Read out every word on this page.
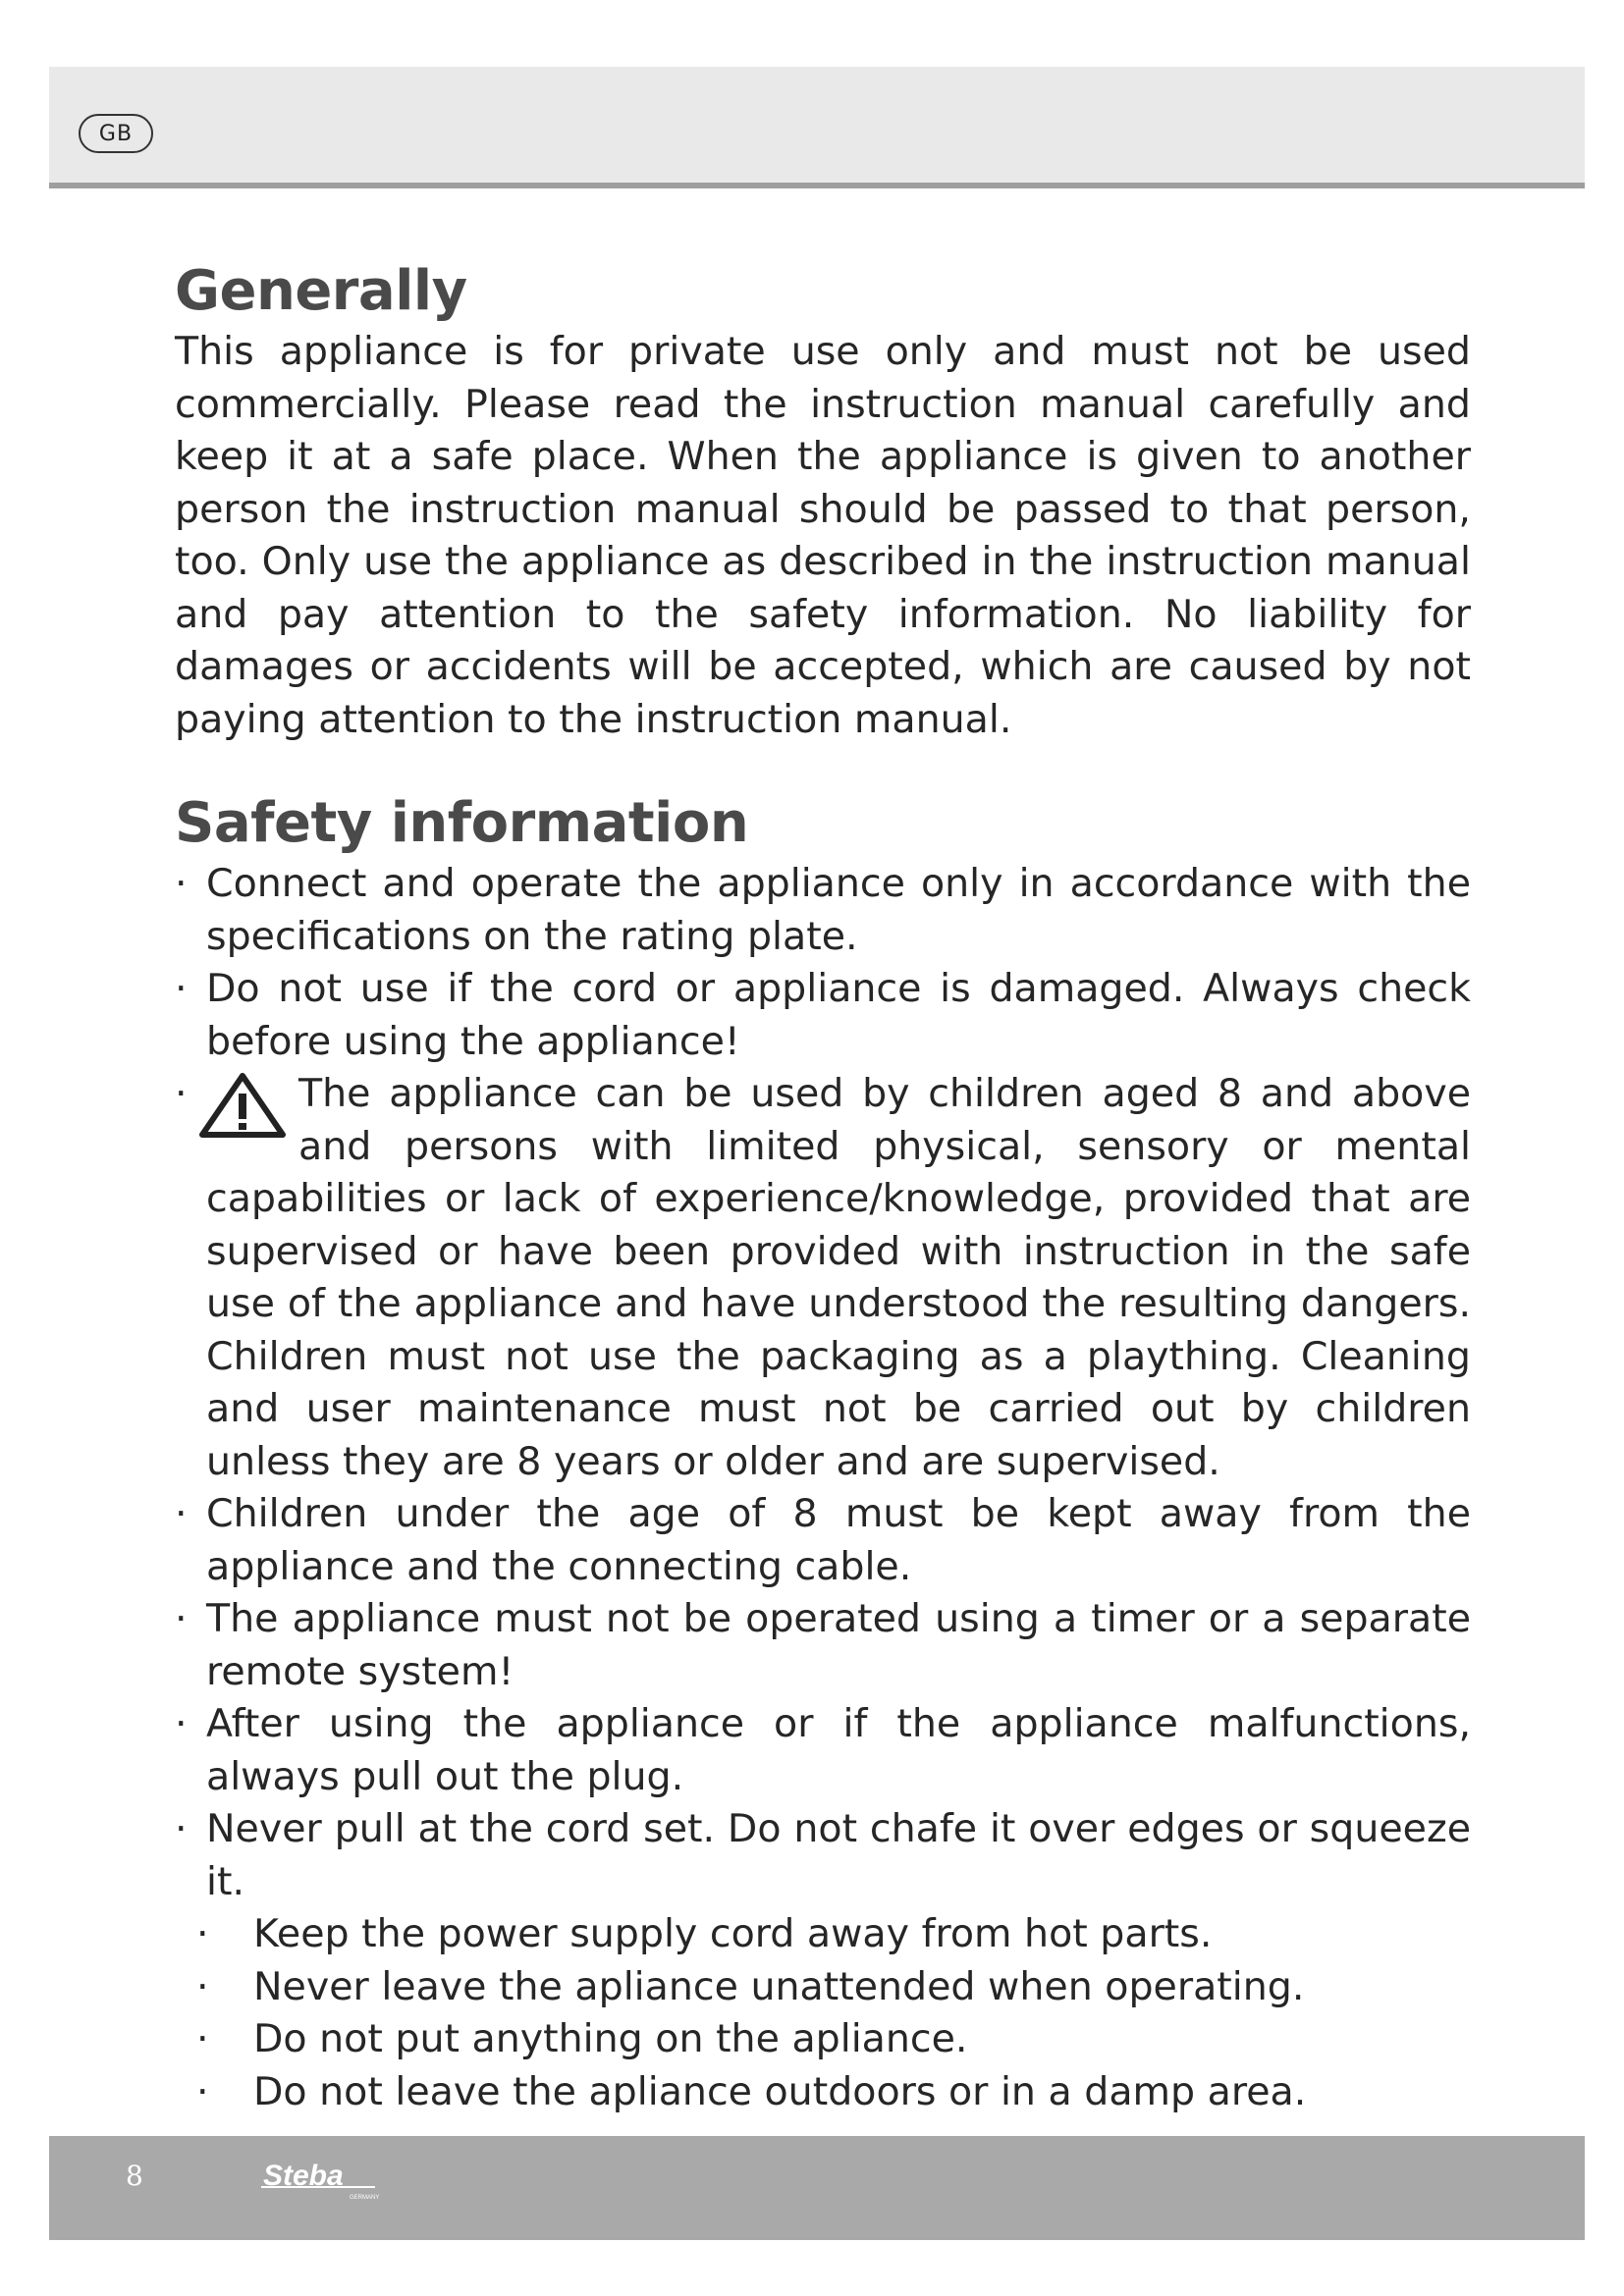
GB
Generally

This appliance is for private use only and must not be used commercially. Please read the instruction manual carefully and keep it at a safe place. When the appliance is given to another person the instruction manual should be passed to that person, too. Only use the appliance as described in the instruction manual and pay attention to the safety information. No liability for damages or accidents will be accepted, which are caused by not paying attention to the instruction manual.

Safety information
· Connect and operate the appliance only in accordance with the specifications on the rating plate.
· Do not use if the cord or appliance is damaged. Always check before using the appliance!
· The appliance can be used by children aged 8 and above and persons with limited physical, sensory or mental capabilities or lack of experience/knowledge, provided that are supervised or have been provided with instruction in the safe use of the appliance and have understood the resulting dangers. Children must not use the packaging as a plaything. Cleaning and user maintenance must not be carried out by children unless they are 8 years or older and are supervised.
· Children under the age of 8 must be kept away from the appliance and the connecting cable.
· The appliance must not be operated using a timer or a separate remote system!
· After using the appliance or if the appliance malfunctions, always pull out the plug.
· Never pull at the cord set. Do not chafe it over edges or squeeze it.
· Keep the power supply cord away from hot parts.
· Never leave the apliance unattended when operating.
· Do not put anything on the apliance.
· Do not leave the apliance outdoors or in a damp area.
8	Steba
GERMANY
